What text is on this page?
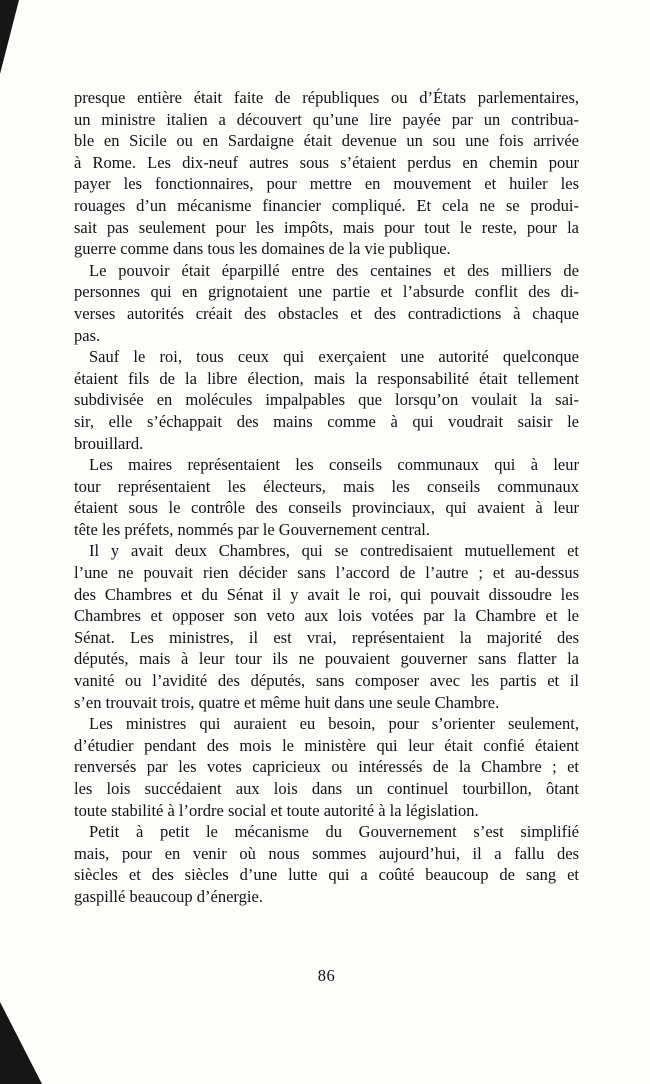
presque entière était faite de républiques ou d’États parlementaires,
un ministre italien a découvert qu’une lire payée par un contribua-
ble en Sicile ou en Sardaigne était devenue un sou une fois arrivée
à Rome. Les dix-neuf autres sous s’étaient perdus en chemin pour
payer les fonctionnaires, pour mettre en mouvement et huiler les
rouages d’un mécanisme financier compliqué. Et cela ne se produi-
sait pas seulement pour les impôts, mais pour tout le reste, pour la
guerre comme dans tous les domaines de la vie publique.
Le pouvoir était éparpillé entre des centaines et des milliers de
personnes qui en grignotaient une partie et l’absurde conflit des di-
verses autorités créait des obstacles et des contradictions à chaque
pas.
Sauf le roi, tous ceux qui exerçaient une autorité quelconque
étaient fils de la libre élection, mais la responsabilité était tellement
subdivisée en molécules impalpables que lorsqu’on voulait la sai-
sir, elle s’échappait des mains comme à qui voudrait saisir le
brouillard.
Les maires représentaient les conseils communaux qui à leur
tour représentaient les électeurs, mais les conseils communaux
étaient sous le contrôle des conseils provinciaux, qui avaient à leur
tête les préfets, nommés par le Gouvernement central.
Il y avait deux Chambres, qui se contredisaient mutuellement et
l’une ne pouvait rien décider sans l’accord de l’autre ; et au-dessus
des Chambres et du Sénat il y avait le roi, qui pouvait dissoudre les
Chambres et opposer son veto aux lois votées par la Chambre et le
Sénat. Les ministres, il est vrai, représentaient la majorité des
députés, mais à leur tour ils ne pouvaient gouverner sans flatter la
vanité ou l’avidité des députés, sans composer avec les partis et il
s’en trouvait trois, quatre et même huit dans une seule Chambre.
Les ministres qui auraient eu besoin, pour s’orienter seulement,
d’étudier pendant des mois le ministère qui leur était confié étaient
renversés par les votes capricieux ou intéressés de la Chambre ; et
les lois succédaient aux lois dans un continuel tourbillon, ôtant
toute stabilité à l’ordre social et toute autorité à la législation.
Petit à petit le mécanisme du Gouvernement s’est simplifié
mais, pour en venir où nous sommes aujourd’hui, il a fallu des
siècles et des siècles d’une lutte qui a coûté beaucoup de sang et
gaspillé beaucoup d’énergie.
86
